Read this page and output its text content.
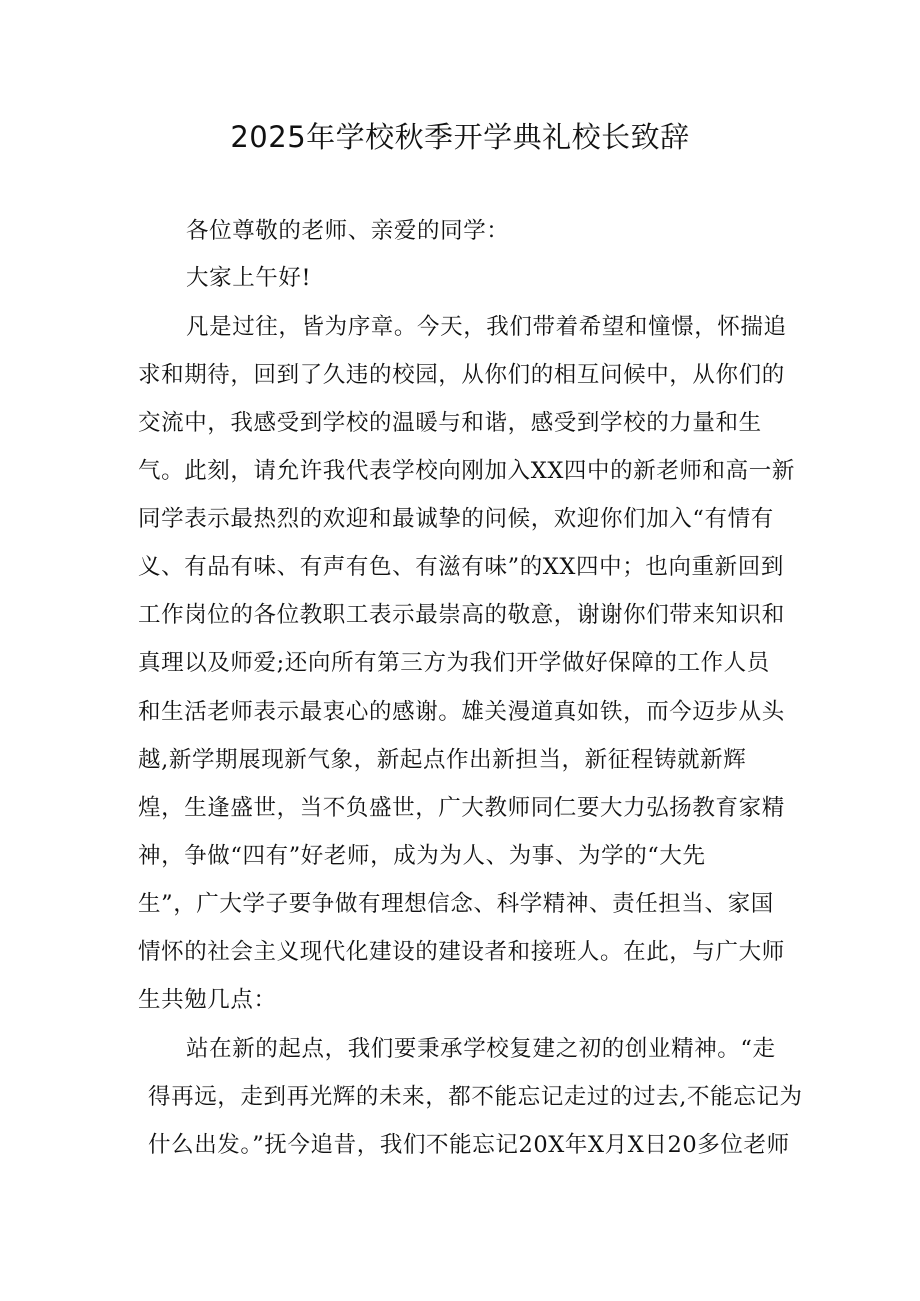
2025年学校秋季开学典礼校长致辞
各位尊敬的老师、亲爱的同学：
大家上午好!
凡是过往，皆为序章。今天，我们带着希望和憧憬，怀揣追
求和期待，回到了久违的校园，从你们的相互问候中，从你们的
交流中，我感受到学校的温暖与和谐，感受到学校的力量和生
气。此刻，请允许我代表学校向刚加入XX四中的新老师和高一新
同学表示最热烈的欢迎和最诚挚的问候，欢迎你们加入“有情有
义、有品有味、有声有色、有滋有味”的XX四中；也向重新回到
工作岗位的各位教职工表示最崇高的敬意，谢谢你们带来知识和
真理以及师爱;还向所有第三方为我们开学做好保障的工作人员
和生活老师表示最衷心的感谢。雄关漫道真如铁，而今迈步从头
越,新学期展现新气象，新起点作出新担当，新征程铸就新辉
煌，生逢盛世，当不负盛世，广大教师同仁要大力弘扬教育家精
神，争做“四有”好老师，成为为人、为事、为学的“大先
生”，广大学子要争做有理想信念、科学精神、责任担当、家国
情怀的社会主义现代化建设的建设者和接班人。在此，与广大师
生共勉几点：
站在新的起点，我们要秉承学校复建之初的创业精神。“走
得再远，走到再光辉的未来，都不能忘记走过的过去,不能忘记为
什么出发。”抚今追昔，我们不能忘记20X年X月X日20多位老师
